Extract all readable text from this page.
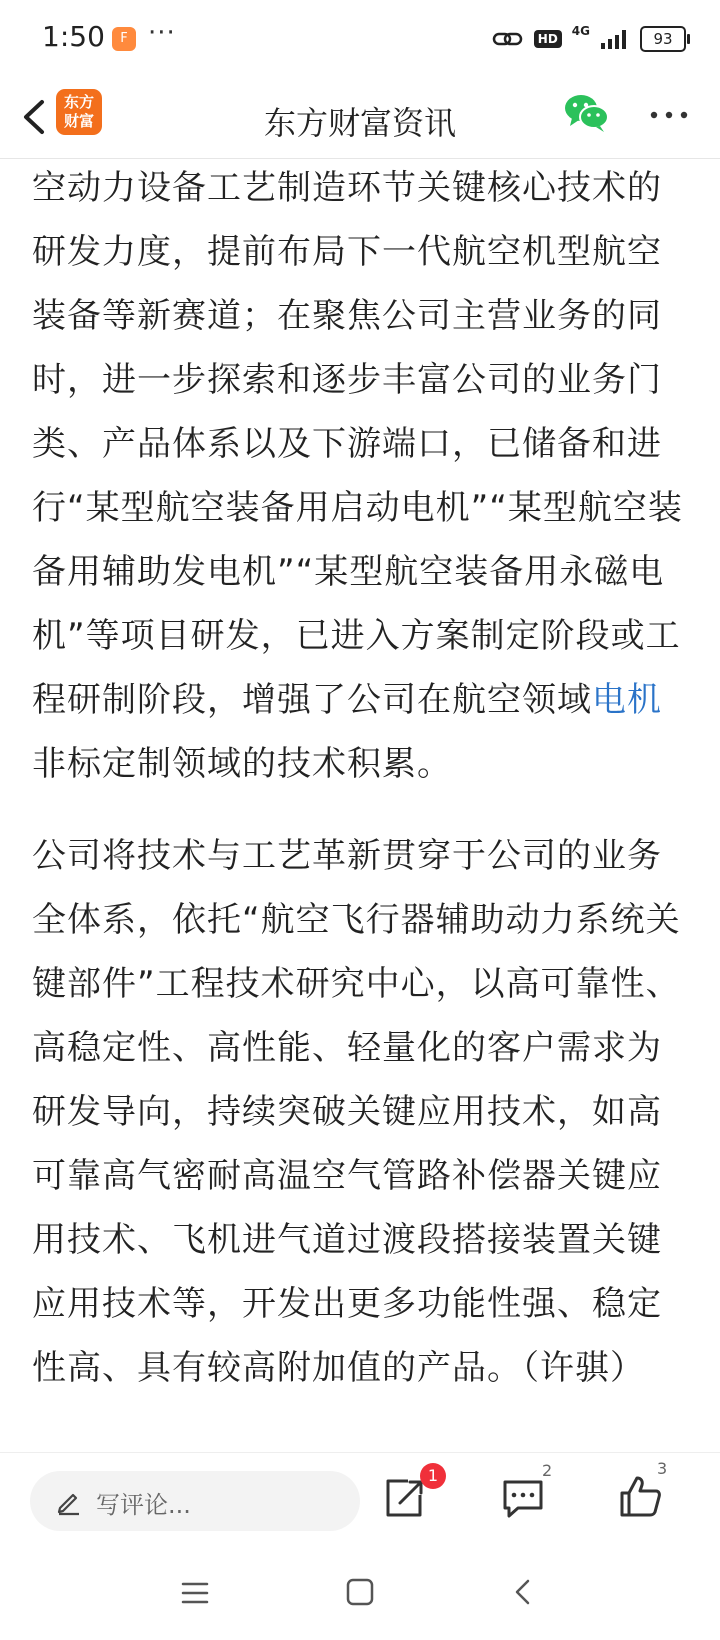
1:50	F ···	HD
4G	93
东方
财富	东方财富资讯

空动力设备工艺制造环节关键核心技术的研发力度，提前布局下一代航空机型航空装备等新赛道；在聚焦公司主营业务的同时，进一步探索和逐步丰富公司的业务门类、产品体系以及下游端口，已储备和进行“某型航空装备用启动电机”“某型航空装备用辅助发电机”“某型航空装备用永磁电机”等项目研发，已进入方案制定阶段或工程研制阶段，增强了公司在航空领域电机非标定制领域的技术积累。

公司将技术与工艺革新贯穿于公司的业务全体系，依托“航空飞行器辅助动力系统关键部件”工程技术研究中心，以高可靠性、高稳定性、高性能、轻量化的客户需求为研发导向，持续突破关键应用技术，如高可靠高气密耐高温空气管路补偿器关键应用技术、飞机进气道过渡段搭接装置关键应用技术等，开发出更多功能性强、稳定性高、具有较高附加值的产品。（许骐）

写评论...
1	2	3
